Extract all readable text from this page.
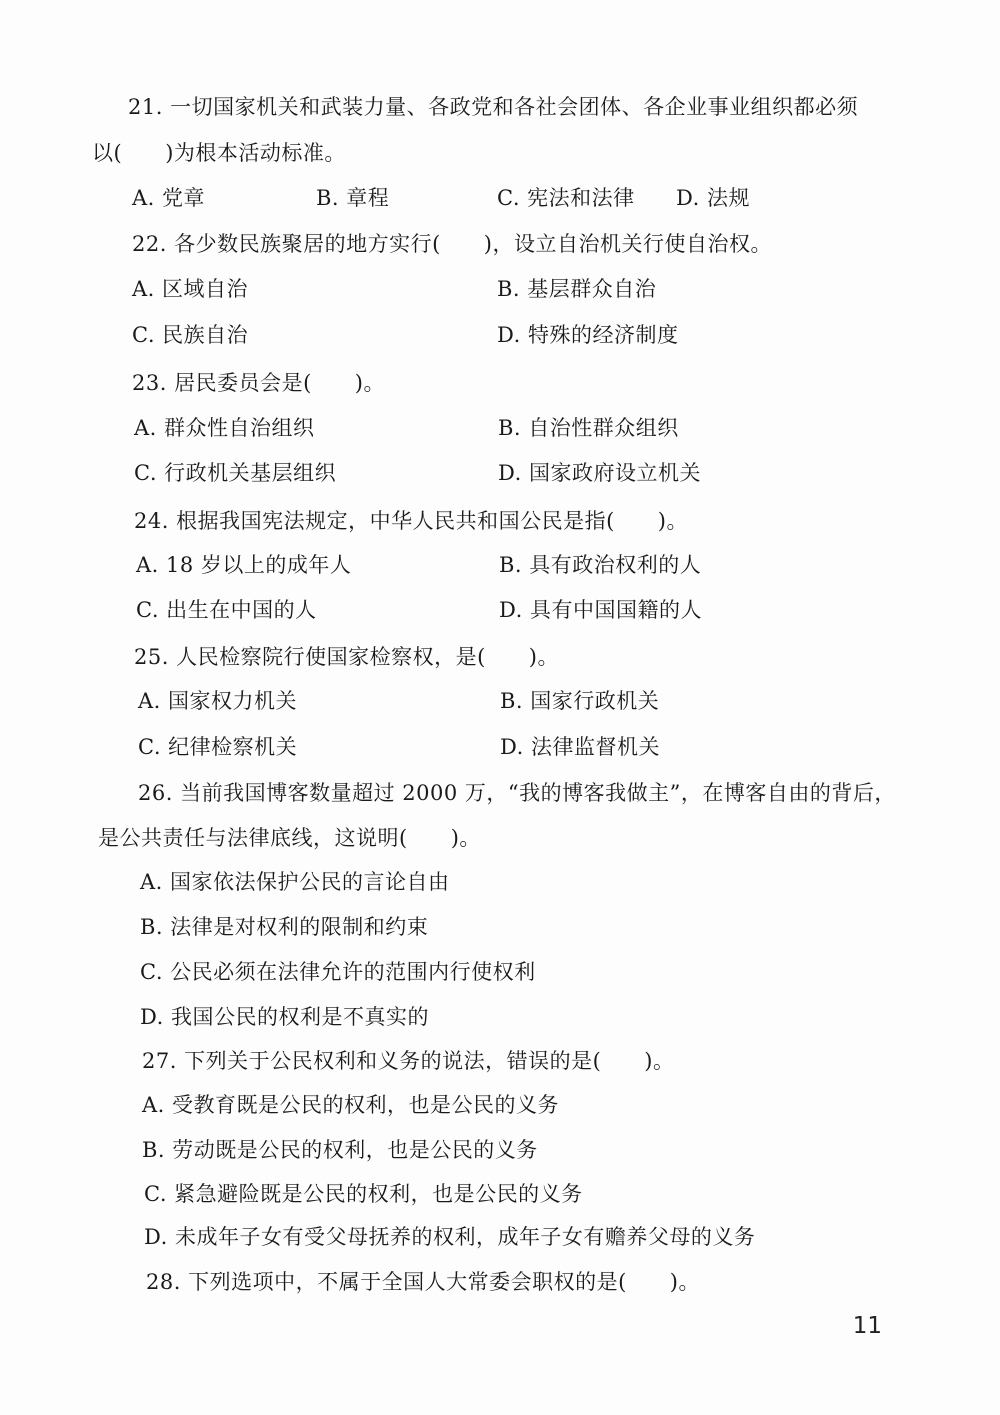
21. 一切国家机关和武装力量、各政党和各社会团体、各企业事业组织都必须
以(　　)为根本活动标准。
A. 党章	B. 章程	C. 宪法和法律 D. 法规
22. 各少数民族聚居的地方实行(　　)，设立自治机关行使自治权。
A. 区域自治	B. 基层群众自治
C. 民族自治	D. 特殊的经济制度
23. 居民委员会是(　　)。
A. 群众性自治组织	B. 自治性群众组织
C. 行政机关基层组织	D. 国家政府设立机关
24. 根据我国宪法规定，中华人民共和国公民是指(　　)。
A. 18 岁以上的成年人	B. 具有政治权利的人
C. 出生在中国的人	D. 具有中国国籍的人
25. 人民检察院行使国家检察权，是(　　)。
A. 国家权力机关	B. 国家行政机关
C. 纪律检察机关	D. 法律监督机关
26. 当前我国博客数量超过 2000 万，“我的博客我做主”，在博客自由的背后，
是公共责任与法律底线，这说明(　　)。
A. 国家依法保护公民的言论自由
B. 法律是对权利的限制和约束
C. 公民必须在法律允许的范围内行使权利
D. 我国公民的权利是不真实的
27. 下列关于公民权利和义务的说法，错误的是(　　)。
A. 受教育既是公民的权利，也是公民的义务
B. 劳动既是公民的权利，也是公民的义务
C. 紧急避险既是公民的权利，也是公民的义务
D. 未成年子女有受父母抚养的权利，成年子女有赡养父母的义务
28. 下列选项中，不属于全国人大常委会职权的是(　　)。
11
